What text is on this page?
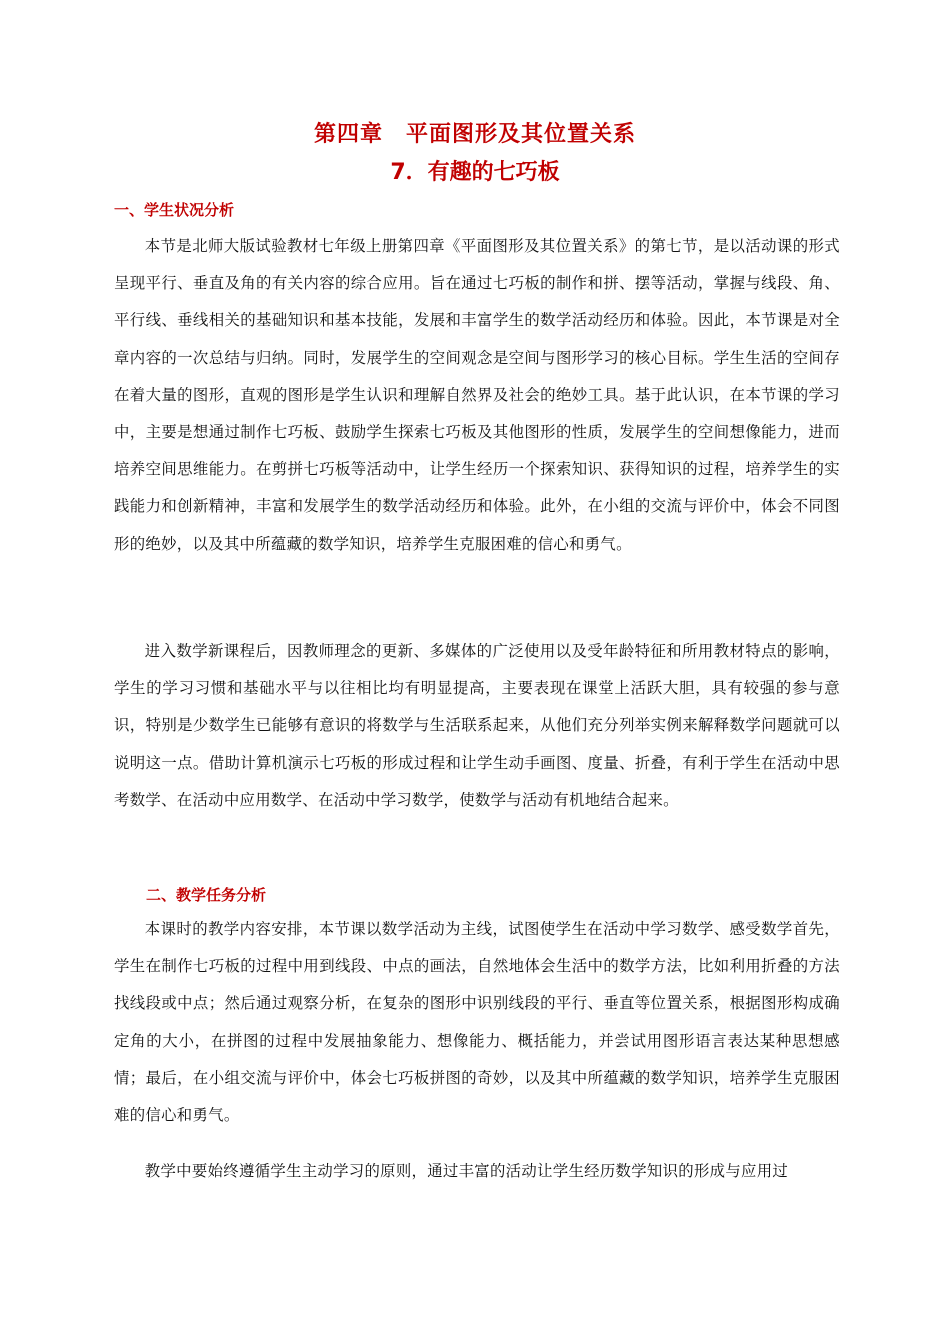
第四章　平面图形及其位置关系
7．有趣的七巧板
一、学生状况分析

本节是北师大版试验教材七年级上册第四章《平面图形及其位置关系》的第七节，是以活动课的形式呈现平行、垂直及角的有关内容的综合应用。旨在通过七巧板的制作和拼、摆等活动，掌握与线段、角、平行线、垂线相关的基础知识和基本技能，发展和丰富学生的数学活动经历和体验。因此，本节课是对全章内容的一次总结与归纳。同时，发展学生的空间观念是空间与图形学习的核心目标。学生生活的空间存在着大量的图形，直观的图形是学生认识和理解自然界及社会的绝妙工具。基于此认识，在本节课的学习中，主要是想通过制作七巧板、鼓励学生探索七巧板及其他图形的性质，发展学生的空间想像能力，进而培养空间思维能力。在剪拼七巧板等活动中，让学生经历一个探索知识、获得知识的过程，培养学生的实践能力和创新精神，丰富和发展学生的数学活动经历和体验。此外，在小组的交流与评价中，体会不同图形的绝妙，以及其中所蕴藏的数学知识，培养学生克服困难的信心和勇气。

进入数学新课程后，因教师理念的更新、多媒体的广泛使用以及受年龄特征和所用教材特点的影响，学生的学习习惯和基础水平与以往相比均有明显提高，主要表现在课堂上活跃大胆，具有较强的参与意识，特别是少数学生已能够有意识的将数学与生活联系起来，从他们充分列举实例来解释数学问题就可以说明这一点。借助计算机演示七巧板的形成过程和让学生动手画图、度量、折叠，有利于学生在活动中思考数学、在活动中应用数学、在活动中学习数学，使数学与活动有机地结合起来。

二、教学任务分析

本课时的教学内容安排，本节课以数学活动为主线，试图使学生在活动中学习数学、感受数学首先，学生在制作七巧板的过程中用到线段、中点的画法，自然地体会生活中的数学方法，比如利用折叠的方法找线段或中点；然后通过观察分析，在复杂的图形中识别线段的平行、垂直等位置关系，根据图形构成确定角的大小，在拼图的过程中发展抽象能力、想像能力、概括能力，并尝试用图形语言表达某种思想感情；最后，在小组交流与评价中，体会七巧板拼图的奇妙，以及其中所蕴藏的数学知识，培养学生克服困难的信心和勇气。

教学中要始终遵循学生主动学习的原则，通过丰富的活动让学生经历数学知识的形成与应用过
